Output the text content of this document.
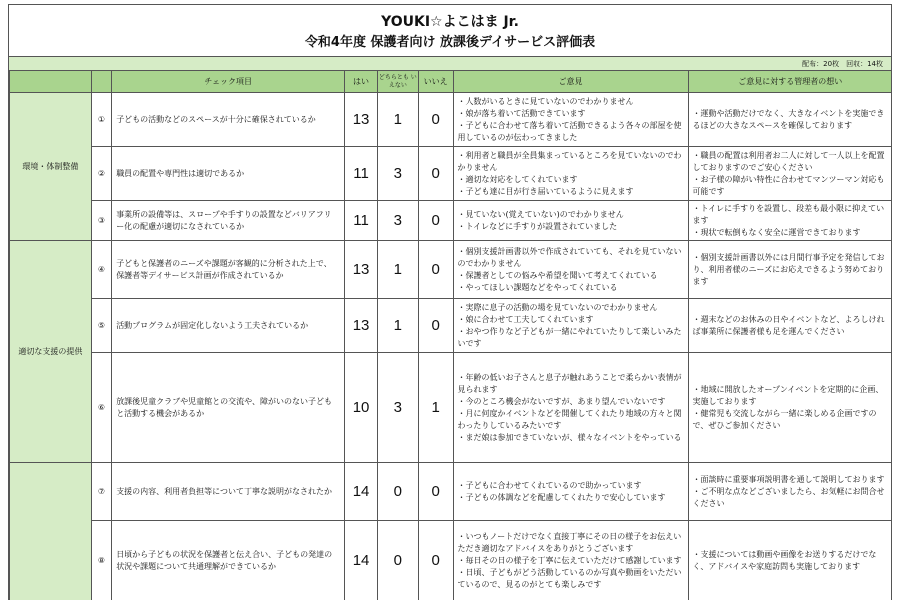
YOUKI☆よこはま Jr.
令和4年度 保護者向け 放課後デイサービス評価表
配布：20枚　回収：14枚
		チェック項目	はい	どちらとも いえない	いいえ	ご意見	ご意見に対する管理者の想い
環境・体制整備	①	子どもの活動などのスペースが十分に確保されているか	13	1	0	・人数がいるときに見ていないのでわかりません
・娘が落ち着いて活動できています
・子どもに合わせて落ち着いて活動できるよう各々の部屋を使用しているのが伝わってきました	・運動や活動だけでなく、大きなイベントを実施できるほどの大きなスペースを確保しております

	②	職員の配置や専門性は適切であるか	11	3	0	・利用者と職員が全員集まっているところを見ていないのでわかりません
・適切な対応をしてくれています
・子ども達に目が行き届いているように見えます	・職員の配置は利用者お二人に対して一人以上を配置しておりますのでご安心ください
・お子様の障がい特性に合わせてマンツーマン対応も可能です

	③	事業所の設備等は、スロープや手すりの設置などバリアフリー化の配慮が適切になされているか	11	3	0	・見ていない(覚えていない)のでわかりません
・トイレなどに手すりが設置されていました	・トイレに手すりを設置し、段差も最小限に抑えています
・現状で転倒もなく安全に運営できております

適切な支援の提供	④	子どもと保護者のニーズや課題が客観的に分析された上で、保護者等デイサービス計画が作成されているか	13	1	0	・個別支援計画書以外で作成されていても、それを見ていないのでわかりません
・保護者としての悩みや希望を聞いて考えてくれている
・やってほしい課題などをやってくれている	・個別支援計画書以外には月間行事予定を発信しており、利用者様のニーズにお応えできるよう努めております

	⑤	活動プログラムが固定化しないよう工夫されているか	13	1	0	・実際に息子の活動の場を見ていないのでわかりません
・娘に合わせて工夫してくれています
・おやつ作りなど子どもが一緒にやれていたりして楽しいみたいです	・週末などのお休みの日やイベントなど、よろしければ事業所に保護者様も足を運んでください

	⑥	放課後児童クラブや児童館との交流や、障がいのない子どもと活動する機会があるか	10	3	1	・年齢の低いお子さんと息子が触れあうことで柔らかい表情が見られます
・今のところ機会がないですが、あまり望んでいないです
・月に何度かイベントなどを開催してくれたり地域の方々と関わったりしているみたいです
・まだ娘は参加できていないが、様々なイベントをやっている	・地域に開放したオープンイベントを定期的に企画、実施しております
・健常児も交流しながら一緒に楽しめる企画ですので、ぜひご参加ください

	⑦	支援の内容、利用者負担等について丁寧な説明がなされたか	14	0	0	・子どもに合わせてくれているので助かっています
・子どもの体調などを配慮してくれたりで安心しています	・面談時に重要事項説明書を通して説明しております
・ご不明な点などございましたら、お気軽にお問合せください

	⑧	日頃から子どもの状況を保護者と伝え合い、子どもの発達の状況や課題について共通理解ができているか	14	0	0	・いつもノートだけでなく直接丁寧にその日の様子をお伝えいただき適切なアドバイスをありがとうございます
・毎日その日の様子を丁寧に伝えていただけて感謝しています
・日頃、子どもがどう活動しているのか写真や動画をいただいているので、見るのがとても楽しみです	・支援については動画や画像をお送りするだけでなく、アドバイスや家庭訪問も実施しております
